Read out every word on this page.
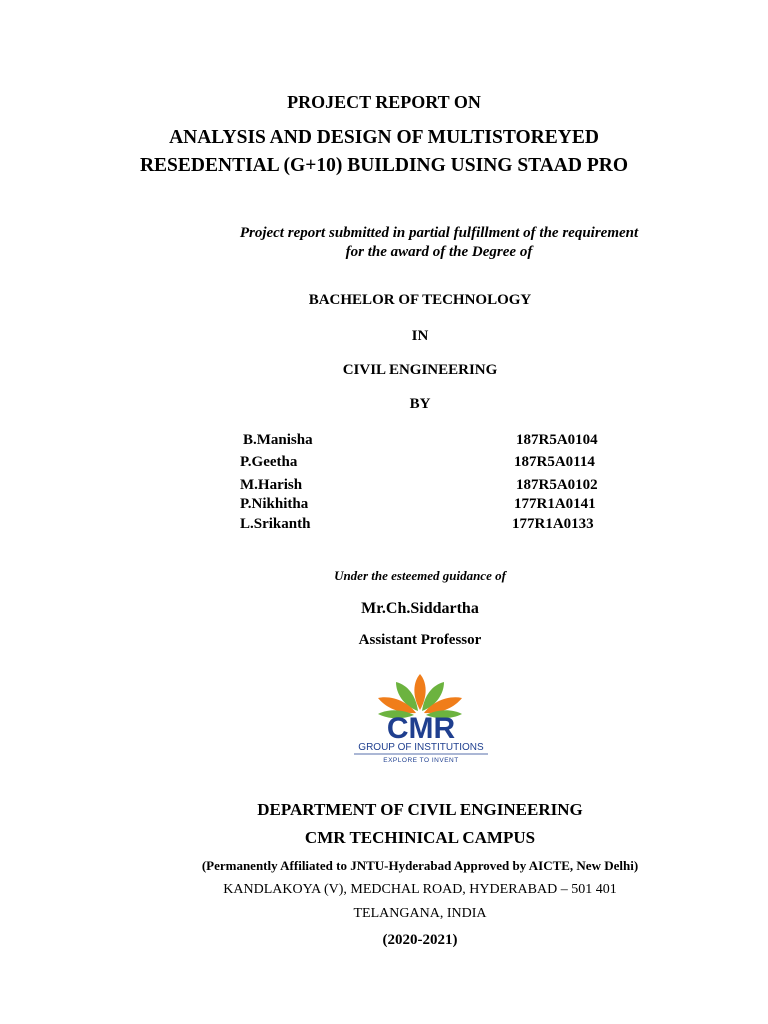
PROJECT REPORT ON
ANALYSIS AND DESIGN OF MULTISTOREYED
RESEDENTIAL (G+10) BUILDING USING STAAD PRO
Project report submitted in partial fulfillment of the requirement
for the award of the Degree of
BACHELOR OF TECHNOLOGY
IN
CIVIL ENGINEERING
BY
B.Manisha	187R5A0104
P.Geetha	187R5A0114
M.Harish	187R5A0102
P.Nikhitha	177R1A0141
L.Srikanth	177R1A0133
Under the esteemed guidance of
Mr.Ch.Siddartha
Assistant Professor
CMR
GROUP OF INSTITUTIONS
EXPLORE TO INVENT
DEPARTMENT OF CIVIL ENGINEERING
CMR TECHINICAL CAMPUS
(Permanently Affiliated to JNTU-Hyderabad Approved by AICTE, New Delhi)
KANDLAKOYA (V), MEDCHAL ROAD, HYDERABAD – 501 401
TELANGANA, INDIA
(2020-2021)
